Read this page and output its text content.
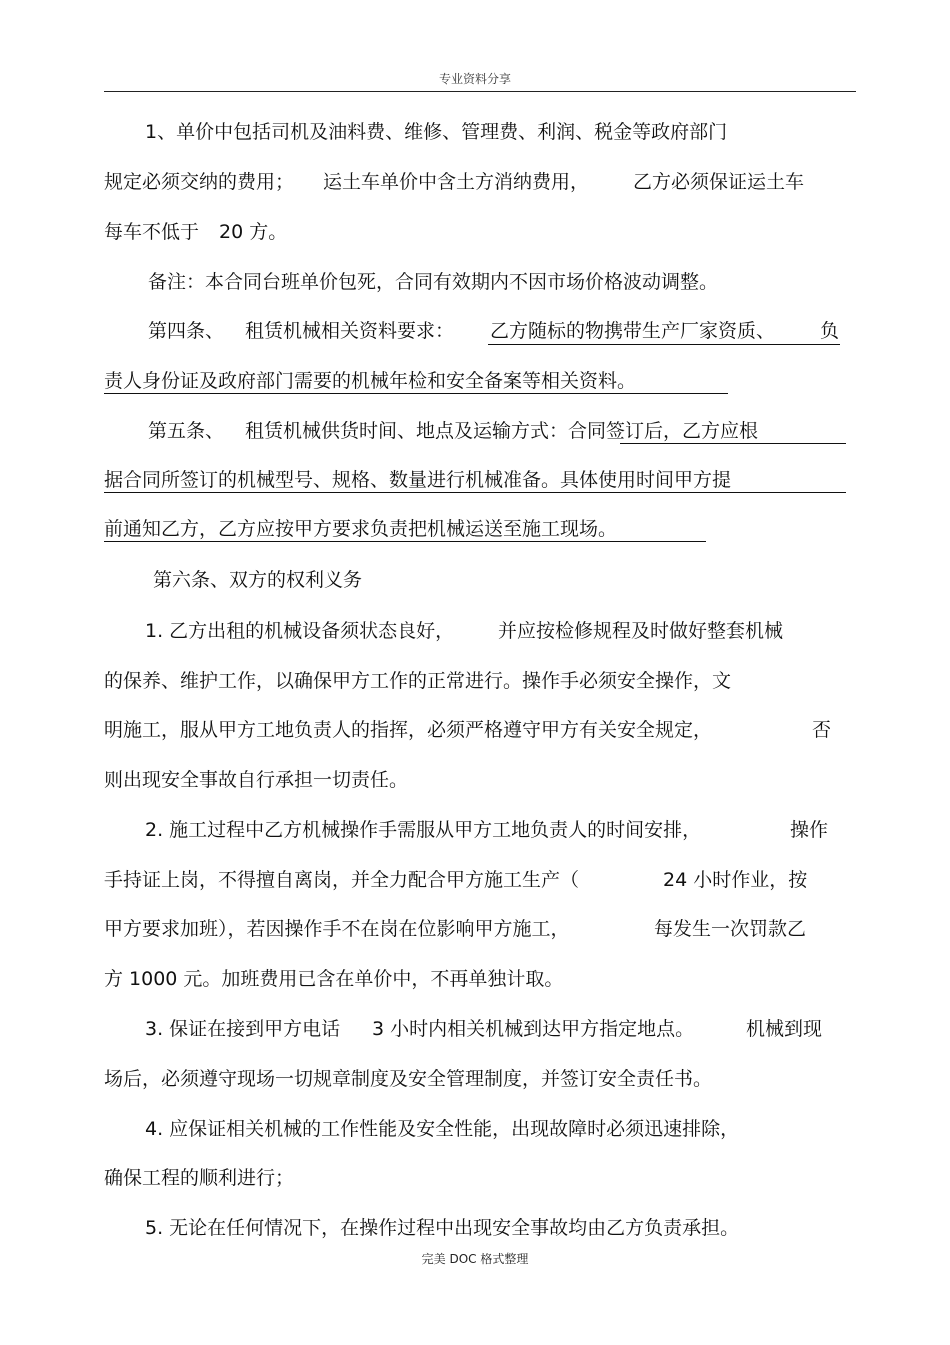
专业资料分享
1、单价中包括司机及油料费、维修、管理费、利润、税金等政府部门
规定必须交纳的费用； 运土车单价中含土方消纳费用， 乙方必须保证运土车
每车不低于 20 方。
备注：本合同台班单价包死，合同有效期内不因市场价格波动调整。
第四条、 租赁机械相关资料要求： 乙方随标的物携带生产厂家资质、 负
责人身份证及政府部门需要的机械年检和安全备案等相关资料。
第五条、 租赁机械供货时间、地点及运输方式：合同签订后，乙方应根
据合同所签订的机械型号、规格、数量进行机械准备。具体使用时间甲方提
前通知乙方，乙方应按甲方要求负责把机械运送至施工现场。
第六条、双方的权利义务
1. 乙方出租的机械设备须状态良好， 并应按检修规程及时做好整套机械
的保养、维护工作，以确保甲方工作的正常进行。操作手必须安全操作，文
明施工，服从甲方工地负责人的指挥，必须严格遵守甲方有关安全规定，	否
则出现安全事故自行承担一切责任。
2. 施工过程中乙方机械操作手需服从甲方工地负责人的时间安排，	操作
手持证上岗，不得擅自离岗，并全力配合甲方施工生产（	24 小时作业，按
甲方要求加班），若因操作手不在岗在位影响甲方施工，	每发生一次罚款乙
方 1000 元。加班费用已含在单价中，不再单独计取。
3. 保证在接到甲方电话 3 小时内相关机械到达甲方指定地点。	机械到现
场后，必须遵守现场一切规章制度及安全管理制度，并签订安全责任书。
4. 应保证相关机械的工作性能及安全性能，出现故障时必须迅速排除，
确保工程的顺利进行；
5. 无论在任何情况下，在操作过程中出现安全事故均由乙方负责承担。
完美 DOC 格式整理
